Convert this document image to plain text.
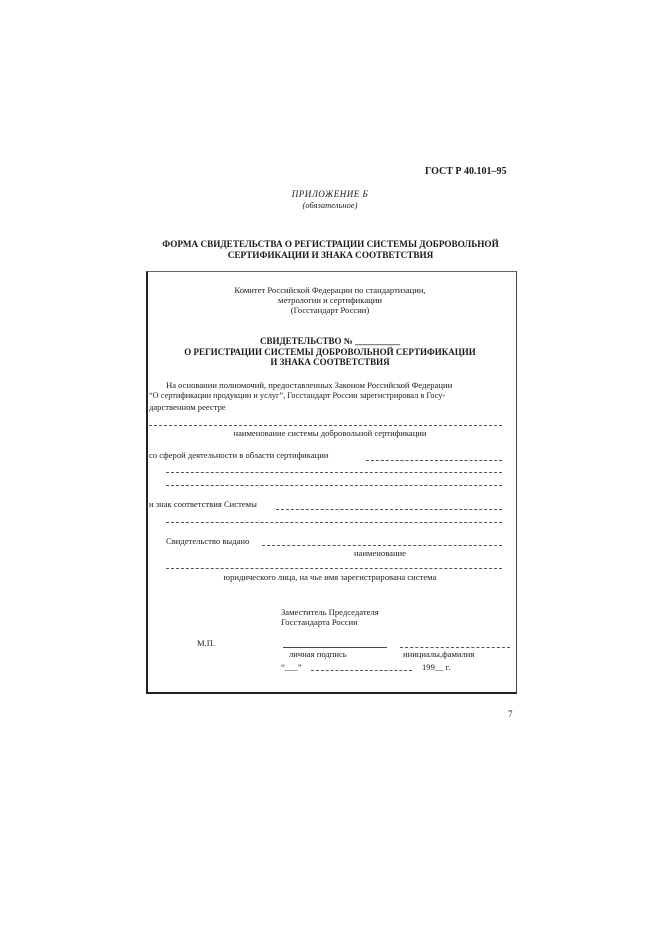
ГОСТ Р 40.101–95
ПРИЛОЖЕНИЕ Б
(обязательное)
ФОРМА СВИДЕТЕЛЬСТВА О РЕГИСТРАЦИИ СИСТЕМЫ ДОБРОВОЛЬНОЙ
СЕРТИФИКАЦИИ И ЗНАКА СООТВЕТСТВИЯ
Комитет Российской Федерации по стандартизации,
метрологии и сертификации
(Госстандарт России)
СВИДЕТЕЛЬСТВО № __________
О РЕГИСТРАЦИИ СИСТЕМЫ ДОБРОВОЛЬНОЙ СЕРТИФИКАЦИИ
И ЗНАКА СООТВЕТСТВИЯ
На основании полномочий, предоставленных Законом Российской Федерации
“О сертификации продукции и услуг”, Госстандарт России зарегистрировал в Госу-
дарственном реестре
наименование системы добровольной сертификации
со сферой деятельности в области сертификации
и знак соответствия Системы
Свидетельство выдано
наименование
юридического лица, на чье имя зарегистрирована система
Заместитель Председателя
Госстандарта России
М.П.
личная подпись	инициалы,фамилия
“___”	199__ г.
7
